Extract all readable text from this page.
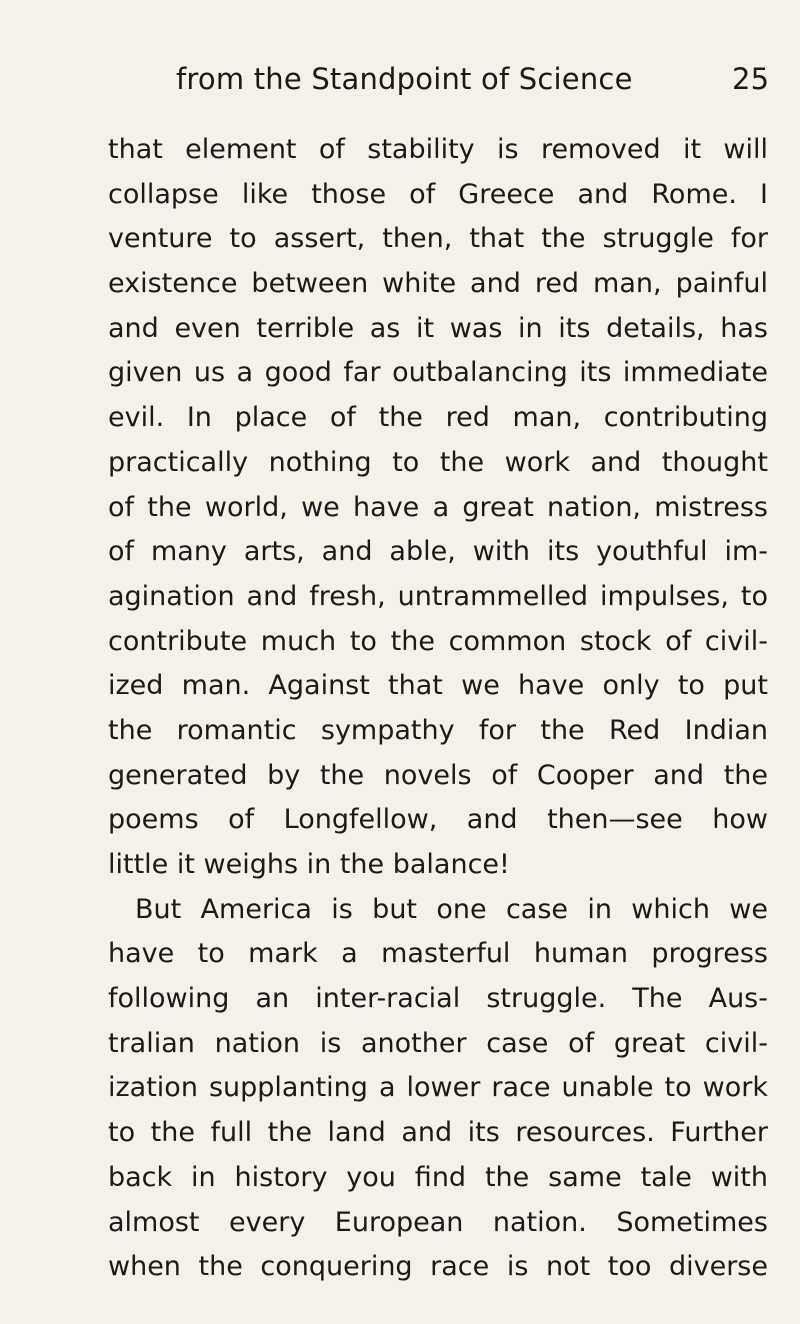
from the Standpoint of Science	25
that element of stability is removed it will
collapse like those of Greece and Rome. I
venture to assert, then, that the struggle for
existence between white and red man, painful
and even terrible as it was in its details, has
given us a good far outbalancing its immediate
evil. In place of the red man, contributing
practically nothing to the work and thought
of the world, we have a great nation, mistress
of many arts, and able, with its youthful im-
agination and fresh, untrammelled impulses, to
contribute much to the common stock of civil-
ized man. Against that we have only to put
the romantic sympathy for the Red Indian
generated by the novels of Cooper and the
poems of Longfellow, and then—see how
little it weighs in the balance!
But America is but one case in which we
have to mark a masterful human progress
following an inter-racial struggle. The Aus-
tralian nation is another case of great civil-
ization supplanting a lower race unable to work
to the full the land and its resources. Further
back in history you find the same tale with
almost every European nation. Sometimes
when the conquering race is not too diverse
